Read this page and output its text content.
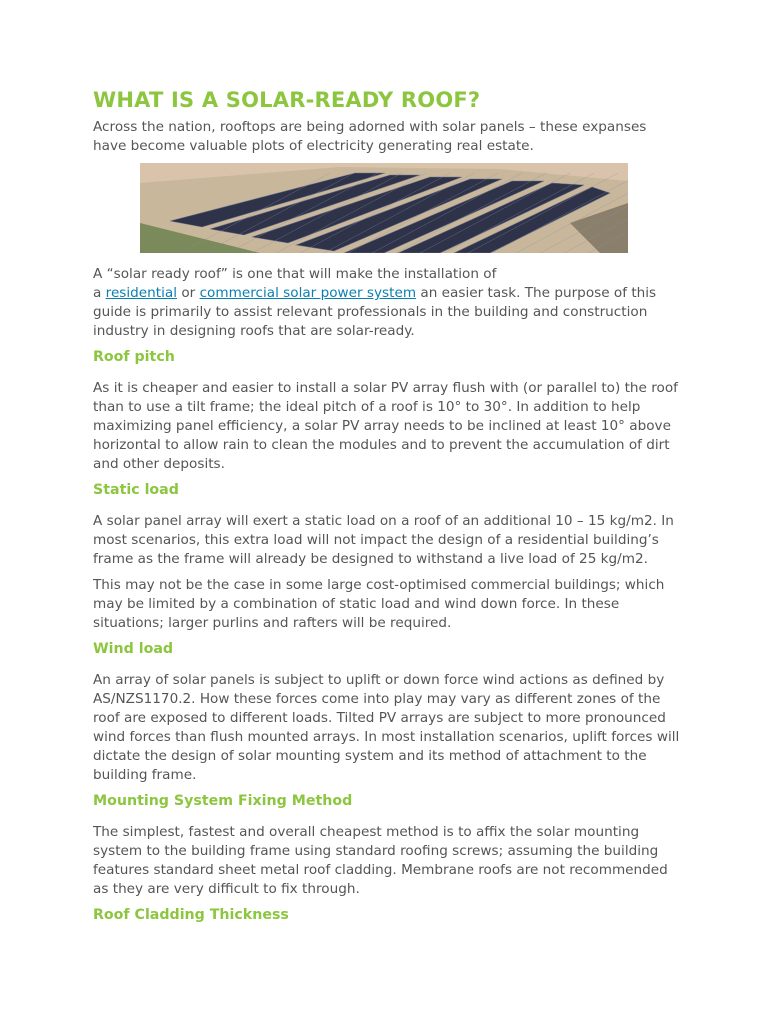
WHAT IS A SOLAR-READY ROOF?

Across the nation, rooftops are being adorned with solar panels – these expanses have become valuable plots of electricity generating real estate.

A “solar ready roof” is one that will make the installation of
a residential or commercial solar power system an easier task. The purpose of this guide is primarily to assist relevant professionals in the building and construction industry in designing roofs that are solar-ready.

Roof pitch

As it is cheaper and easier to install a solar PV array flush with (or parallel to) the roof than to use a tilt frame; the ideal pitch of a roof is 10° to 30°. In addition to help maximizing panel efficiency, a solar PV array needs to be inclined at least 10° above horizontal to allow rain to clean the modules and to prevent the accumulation of dirt and other deposits.

Static load

A solar panel array will exert a static load on a roof of an additional 10 – 15 kg/m2. In most scenarios, this extra load will not impact the design of a residential building’s frame as the frame will already be designed to withstand a live load of 25 kg/m2.

This may not be the case in some large cost-optimised commercial buildings; which may be limited by a combination of static load and wind down force. In these situations; larger purlins and rafters will be required.

Wind load

An array of solar panels is subject to uplift or down force wind actions as defined by AS/NZS1170.2. How these forces come into play may vary as different zones of the roof are exposed to different loads. Tilted PV arrays are subject to more pronounced wind forces than flush mounted arrays. In most installation scenarios, uplift forces will dictate the design of solar mounting system and its method of attachment to the building frame.

Mounting System Fixing Method

The simplest, fastest and overall cheapest method is to affix the solar mounting system to the building frame using standard roofing screws; assuming the building features standard sheet metal roof cladding. Membrane roofs are not recommended as they are very difficult to fix through.

Roof Cladding Thickness
